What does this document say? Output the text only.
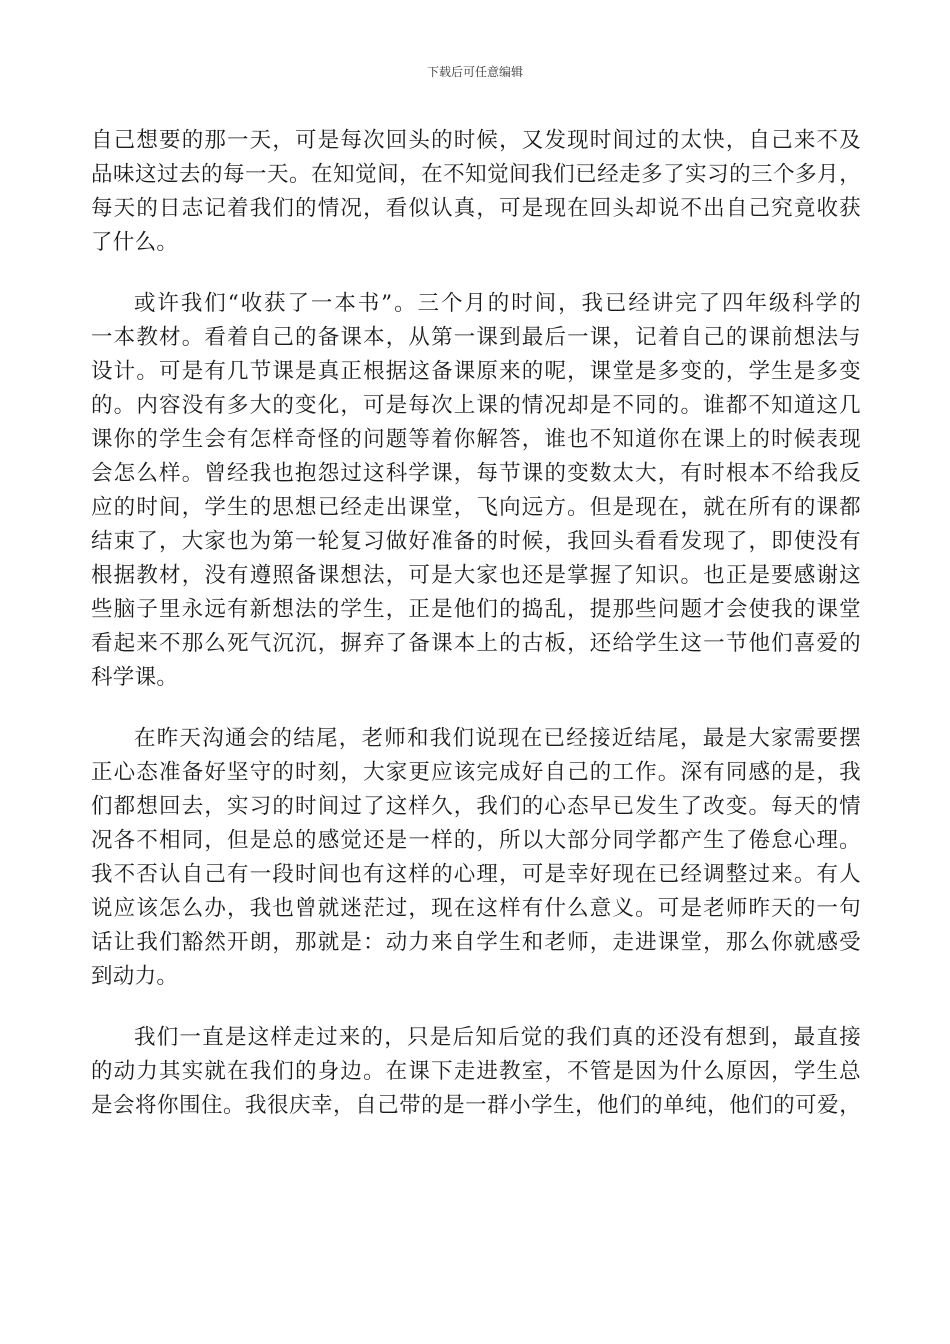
下载后可任意编辑
自己想要的那一天，可是每次回头的时候，又发现时间过的太快，自己来不及
品味这过去的每一天。在知觉间，在不知觉间我们已经走多了实习的三个多月，
每天的日志记着我们的情况，看似认真，可是现在回头却说不出自己究竟收获
了什么。
或许我们“收获了一本书”。三个月的时间，我已经讲完了四年级科学的
一本教材。看着自己的备课本，从第一课到最后一课，记着自己的课前想法与
设计。可是有几节课是真正根据这备课原来的呢，课堂是多变的，学生是多变
的。内容没有多大的变化，可是每次上课的情况却是不同的。谁都不知道这几
课你的学生会有怎样奇怪的问题等着你解答，谁也不知道你在课上的时候表现
会怎么样。曾经我也抱怨过这科学课，每节课的变数太大，有时根本不给我反
应的时间，学生的思想已经走出课堂，飞向远方。但是现在，就在所有的课都
结束了，大家也为第一轮复习做好准备的时候，我回头看看发现了，即使没有
根据教材，没有遵照备课想法，可是大家也还是掌握了知识。也正是要感谢这
些脑子里永远有新想法的学生，正是他们的捣乱，提那些问题才会使我的课堂
看起来不那么死气沉沉，摒弃了备课本上的古板，还给学生这一节他们喜爱的
科学课。
在昨天沟通会的结尾，老师和我们说现在已经接近结尾，最是大家需要摆
正心态准备好坚守的时刻，大家更应该完成好自己的工作。深有同感的是，我
们都想回去，实习的时间过了这样久，我们的心态早已发生了改变。每天的情
况各不相同，但是总的感觉还是一样的，所以大部分同学都产生了倦怠心理。
我不否认自己有一段时间也有这样的心理，可是幸好现在已经调整过来。有人
说应该怎么办，我也曾就迷茫过，现在这样有什么意义。可是老师昨天的一句
话让我们豁然开朗，那就是：动力来自学生和老师，走进课堂，那么你就感受
到动力。
我们一直是这样走过来的，只是后知后觉的我们真的还没有想到，最直接
的动力其实就在我们的身边。在课下走进教室，不管是因为什么原因，学生总
是会将你围住。我很庆幸，自己带的是一群小学生，他们的单纯，他们的可爱，
